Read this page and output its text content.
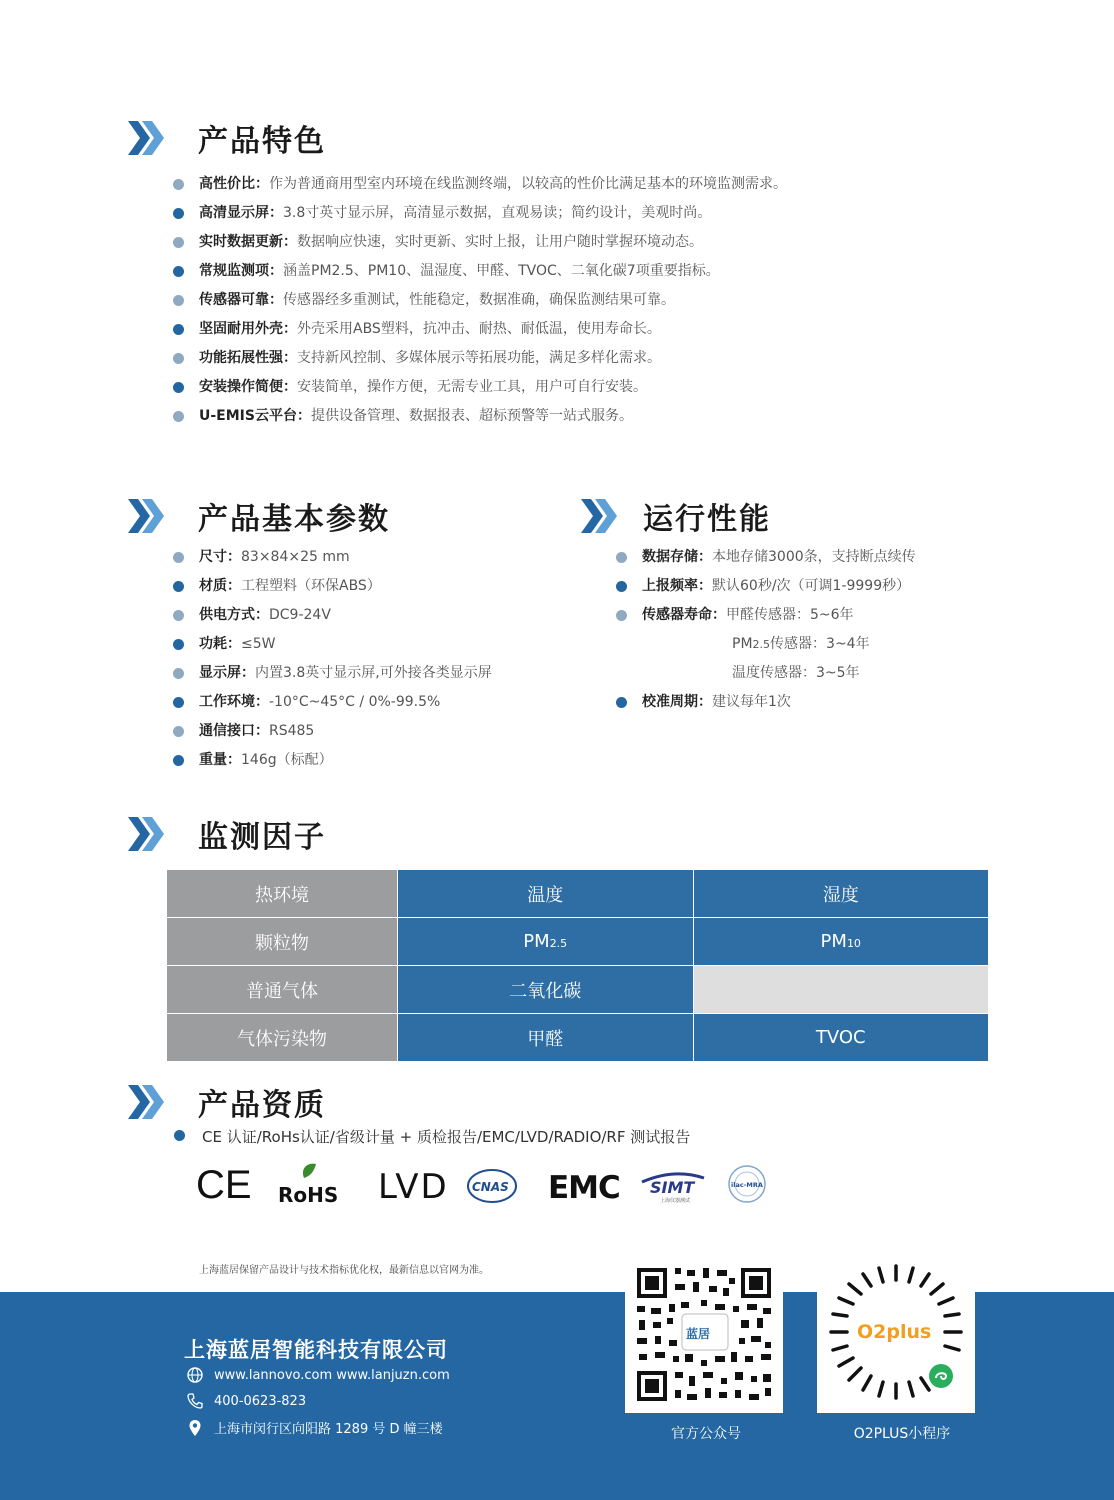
产品特色
高性价比：作为普通商用型室内环境在线监测终端，以较高的性价比满足基本的环境监测需求。
高清显示屏：3.8寸英寸显示屏，高清显示数据，直观易读；简约设计，美观时尚。
实时数据更新：数据响应快速，实时更新、实时上报，让用户随时掌握环境动态。
常规监测项：涵盖PM2.5、PM10、温湿度、甲醛、TVOC、二氧化碳7项重要指标。
传感器可靠：传感器经多重测试，性能稳定，数据准确，确保监测结果可靠。
坚固耐用外壳：外壳采用ABS塑料，抗冲击、耐热、耐低温，使用寿命长。
功能拓展性强：支持新风控制、多媒体展示等拓展功能，满足多样化需求。
安装操作简便：安装简单，操作方便，无需专业工具，用户可自行安装。
U-EMIS云平台：提供设备管理、数据报表、超标预警等一站式服务。
产品基本参数
尺寸：83×84×25 mm
材质：工程塑料（环保ABS）
供电方式：DC9-24V
功耗：≤5W
显示屏：内置3.8英寸显示屏,可外接各类显示屏
工作环境：-10°C~45°C / 0%-99.5%
通信接口：RS485
重量：146g（标配）
运行性能
数据存储：本地存储3000条，支持断点续传
上报频率：默认60秒/次（可调1-9999秒）
传感器寿命：甲醛传感器：5~6年
PM2.5传感器：3~4年
温度传感器：3~5年
校准周期：建议每年1次
监测因子
热环境	温度	湿度
颗粒物	PM2.5	PM10
普通气体	二氧化碳	
气体污染物	甲醛	TVOC
产品资质
CE 认证/RoHs认证/省级计量 + 质检报告/EMC/LVD/RADIO/RF 测试报告
CE RoHS LVD CNAS EMC SIMT
上海仪器测试
ilac-MRA
上海蓝居保留产品设计与技术指标优化权，最新信息以官网为准。
上海蓝居智能科技有限公司
www.lannovo.com www.lanjuzn.com
400-0623-823
上海市闵行区向阳路 1289 号 D 幢三楼
蓝居
官方公众号
O2plus
O2PLUS小程序
